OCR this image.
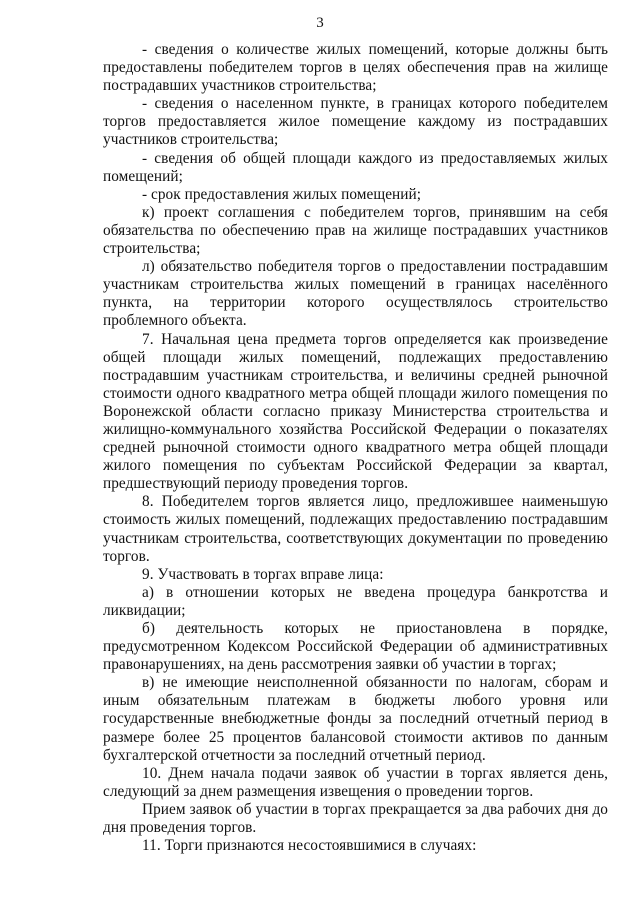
3

- сведения о количестве жилых помещений, которые должны быть предоставлены победителем торгов в целях обеспечения прав на жилище пострадавших участников строительства;

- сведения о населенном пункте, в границах которого победителем торгов предоставляется жилое помещение каждому из пострадавших участников строительства;

- сведения об общей площади каждого из предоставляемых жилых помещений;

- срок предоставления жилых помещений;

к) проект соглашения с победителем торгов, принявшим на себя обязательства по обеспечению прав на жилище пострадавших участников строительства;

л) обязательство победителя торгов о предоставлении пострадавшим участникам строительства жилых помещений в границах населённого пункта, на территории которого осуществлялось строительство проблемного объекта.

7. Начальная цена предмета торгов определяется как произведение общей площади жилых помещений, подлежащих предоставлению пострадавшим участникам строительства, и величины средней рыночной стоимости одного квадратного метра общей площади жилого помещения по Воронежской области согласно приказу Министерства строительства и жилищно-коммунального хозяйства Российской Федерации о показателях средней рыночной стоимости одного квадратного метра общей площади жилого помещения по субъектам Российской Федерации за квартал, предшествующий периоду проведения торгов.

8. Победителем торгов является лицо, предложившее наименьшую стоимость жилых помещений, подлежащих предоставлению пострадавшим участникам строительства, соответствующих документации по проведению торгов.

9. Участвовать в торгах вправе лица:

а) в отношении которых не введена процедура банкротства и ликвидации;

б) деятельность которых не приостановлена в порядке, предусмотренном Кодексом Российской Федерации об административных правонарушениях, на день рассмотрения заявки об участии в торгах;

в) не имеющие неисполненной обязанности по налогам, сборам и иным обязательным платежам в бюджеты любого уровня или государственные внебюджетные фонды за последний отчетный период в размере более 25 процентов балансовой стоимости активов по данным бухгалтерской отчетности за последний отчетный период.

10. Днем начала подачи заявок об участии в торгах является день, следующий за днем размещения извещения о проведении торгов.

Прием заявок об участии в торгах прекращается за два рабочих дня до дня проведения торгов.

11. Торги признаются несостоявшимися в случаях:
